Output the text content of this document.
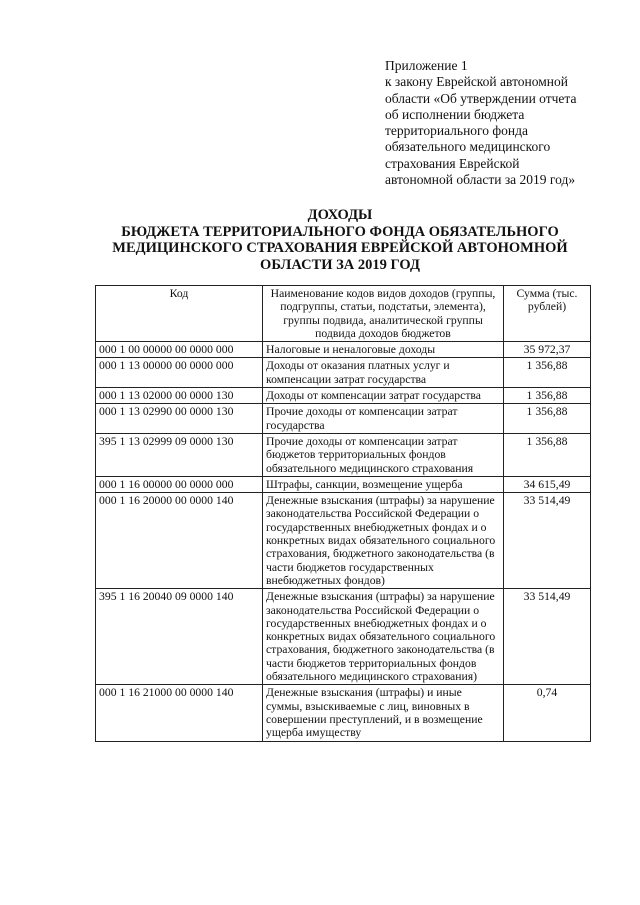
Приложение 1
к закону Еврейской автономной
области «Об утверждении отчета
об исполнении бюджета
территориального фонда
обязательного медицинского
страхования Еврейской
автономной области за 2019 год»
ДОХОДЫ
БЮДЖЕТА ТЕРРИТОРИАЛЬНОГО ФОНДА ОБЯЗАТЕЛЬНОГО
МЕДИЦИНСКОГО СТРАХОВАНИЯ ЕВРЕЙСКОЙ АВТОНОМНОЙ
ОБЛАСТИ ЗА 2019 ГОД
Код	Наименование кодов видов доходов (группы, подгруппы, статьи, подстатьи, элемента), группы подвида, аналитической группы подвида доходов бюджетов	Сумма (тыс. рублей)
000 1 00 00000 00 0000 000	Налоговые и неналоговые доходы	35 972,37
000 1 13 00000 00 0000 000	Доходы от оказания платных услуг и компенсации затрат государства	1 356,88
000 1 13 02000 00 0000 130	Доходы от компенсации затрат государства	1 356,88
000 1 13 02990 00 0000 130	Прочие доходы от компенсации затрат государства	1 356,88
395 1 13 02999 09 0000 130	Прочие доходы от компенсации затрат бюджетов территориальных фондов обязательного медицинского страхования	1 356,88
000 1 16 00000 00 0000 000	Штрафы, санкции, возмещение ущерба	34 615,49
000 1 16 20000 00 0000 140	Денежные взыскания (штрафы) за нарушение законодательства Российской Федерации о государственных внебюджетных фондах и о конкретных видах обязательного социального страхования, бюджетного законодательства (в части бюджетов государственных внебюджетных фондов)	33 514,49
395 1 16 20040 09 0000 140	Денежные взыскания (штрафы) за нарушение законодательства Российской Федерации о государственных внебюджетных фондах и о конкретных видах обязательного социального страхования, бюджетного законодательства (в части бюджетов территориальных фондов обязательного медицинского страхования)	33 514,49
000 1 16 21000 00 0000 140	Денежные взыскания (штрафы) и иные суммы, взыскиваемые с лиц, виновных в совершении преступлений, и в возмещение ущерба имуществу	0,74
